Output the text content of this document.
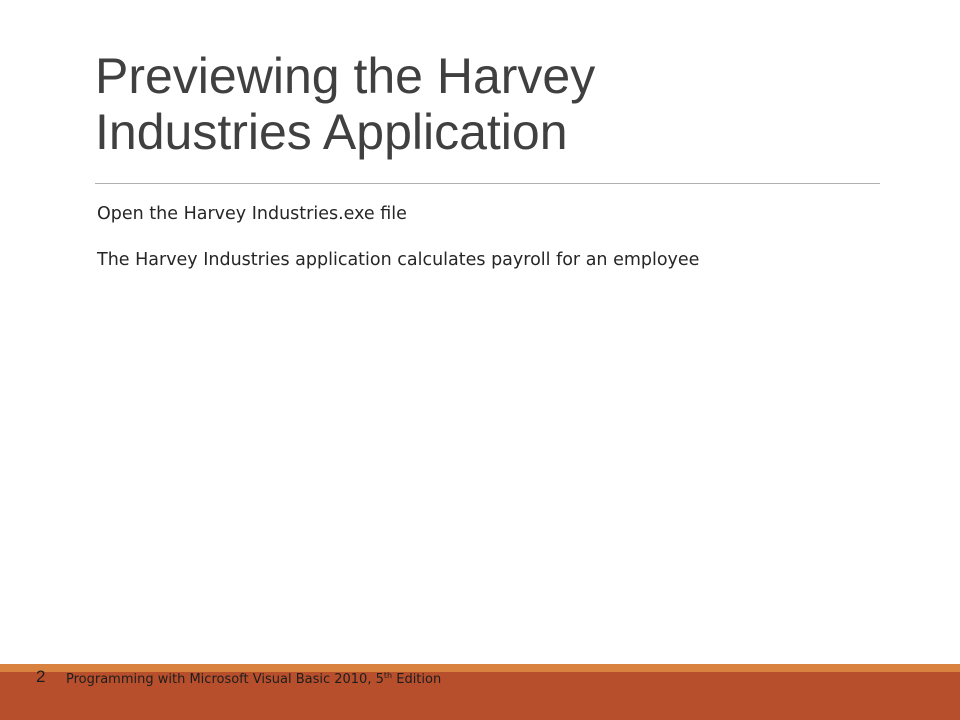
Previewing the Harvey
Industries Application
Open the Harvey Industries.exe file
The Harvey Industries application calculates payroll for an employee
2 Programming with Microsoft Visual Basic 2010, 5th Edition
